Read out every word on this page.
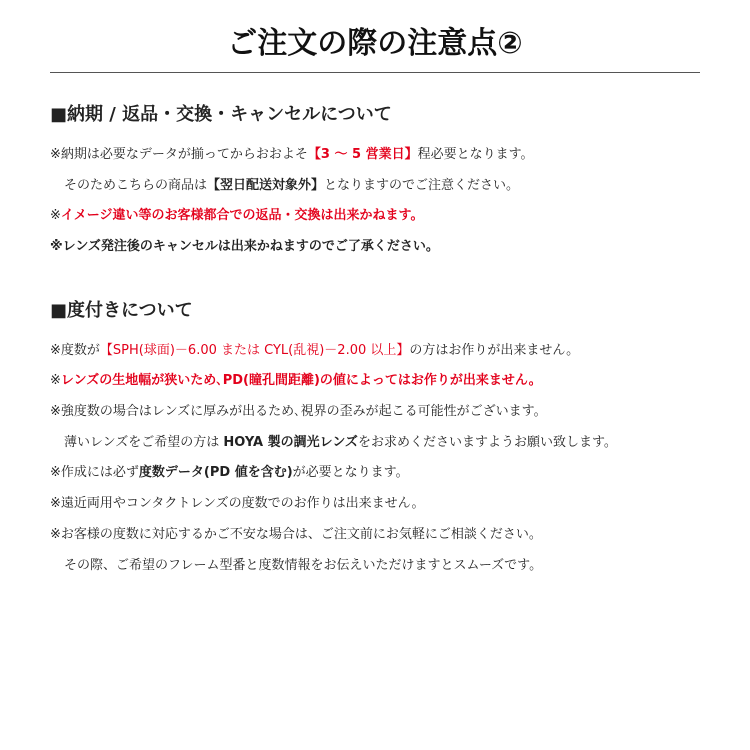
ご注文の際の注意点②
■納期 / 返品・交換・キャンセルについて
※納期は必要なデータが揃ってからおおよそ【3 ～ 5 営業日】程必要となります。
そのためこちらの商品は【翌日配送対象外】となりますのでご注意ください。
※イメージ違い等のお客様都合での返品・交換は出来かねます。
※レンズ発注後のキャンセルは出来かねますのでご了承ください。
■度付きについて
※度数が【SPH(球面)－6.00 または CYL(乱視)－2.00 以上】の方はお作りが出来ません。
※レンズの生地幅が狭いため､PD(瞳孔間距離)の値によってはお作りが出来ません。
※強度数の場合はレンズに厚みが出るため､視界の歪みが起こる可能性がございます。
薄いレンズをご希望の方は HOYA 製の調光レンズをお求めくださいますようお願い致します。
※作成には必ず度数データ(PD 値を含む)が必要となります。
※遠近両用やコンタクトレンズの度数でのお作りは出来ません。
※お客様の度数に対応するかご不安な場合は、ご注文前にお気軽にご相談ください。
その際、ご希望のフレーム型番と度数情報をお伝えいただけますとスムーズです。
